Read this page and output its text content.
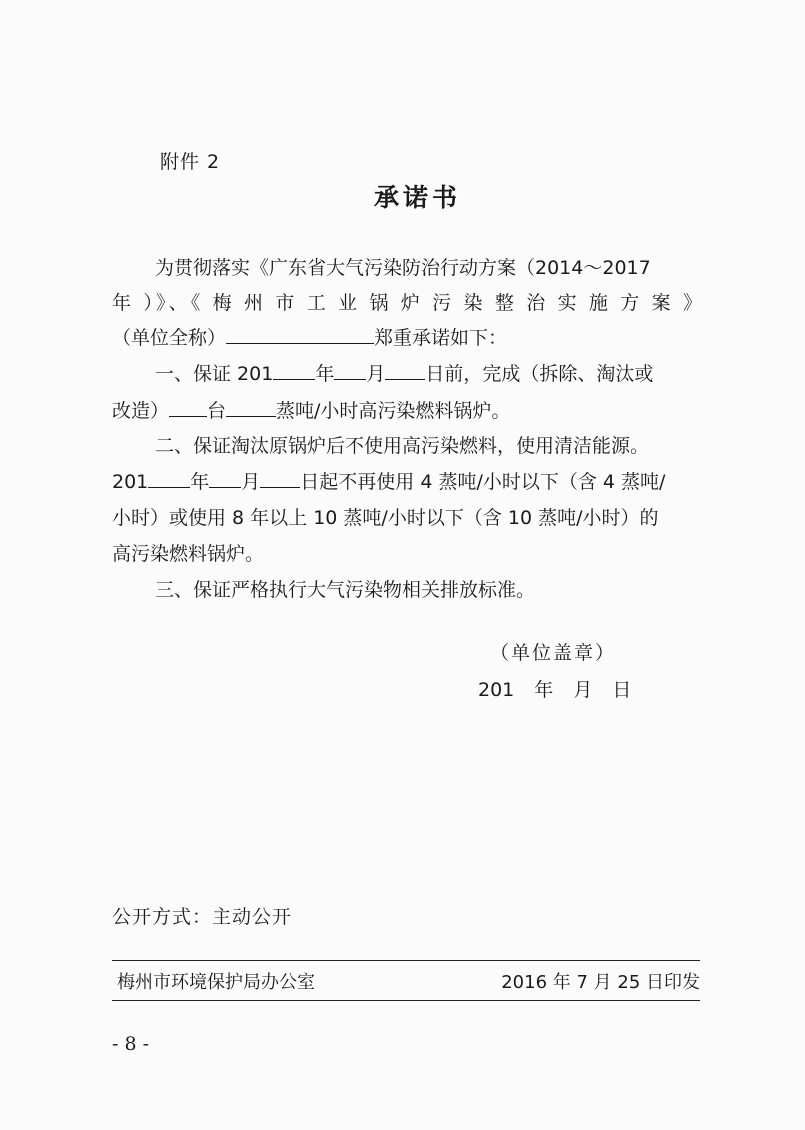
附件 2
承诺书
为贯彻落实《广东省大气污染防治行动方案（2014～2017
年 ）》、《 梅 州 市 工 业 锅 炉 污 染 整 治 实 施 方 案 》
（单位全称）	郑重承诺如下：
一、保证 201 年 月 日前，完成（拆除、淘汰或
改造） 台	蒸吨/小时高污染燃料锅炉。
二、保证淘汰原锅炉后不使用高污染燃料，使用清洁能源。
201 年 月 日起不再使用 4 蒸吨/小时以下（含 4 蒸吨/
小时）或使用 8 年以上 10 蒸吨/小时以下（含 10 蒸吨/小时）的
高污染燃料锅炉。
三、保证严格执行大气污染物相关排放标准。
（单位盖章）
201 年 月 日
公开方式：主动公开
梅州市环境保护局办公室	2016 年 7 月 25 日印发
- 8 -
